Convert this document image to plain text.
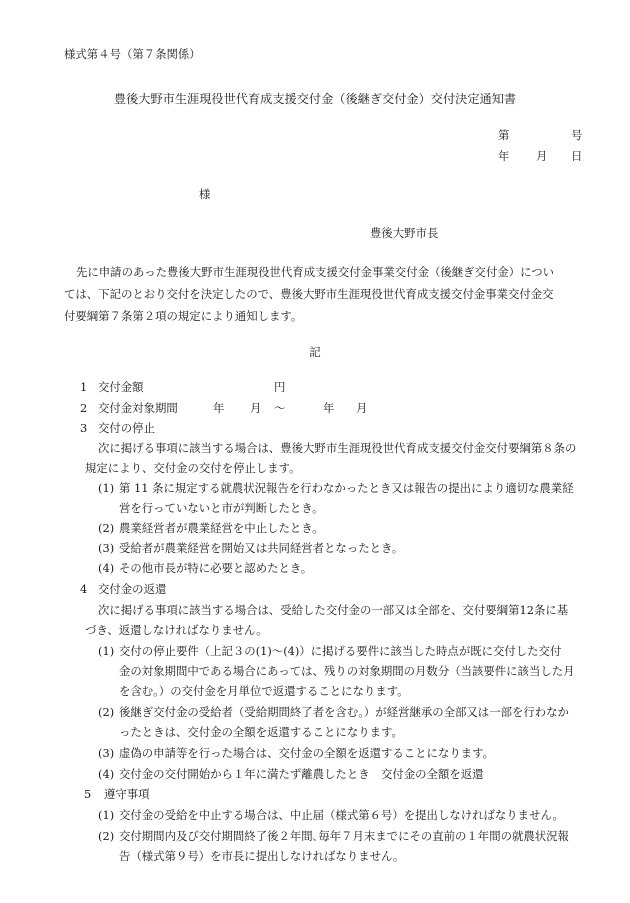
様式第４号（第７条関係）
豊後大野市生涯現役世代育成支援交付金（後継ぎ交付金）交付決定通知書
第	号
年 月 日
様
豊後大野市長
先に申請のあった豊後大野市生涯現役世代育成支援交付金事業交付金（後継ぎ交付金）につい
ては、下記のとおり交付を決定したので、豊後大野市生涯現役世代育成支援交付金事業交付金交
付要綱第７条第２項の規定により通知します。
記
1 交付金額	円
2 交付金対象期間	年 月 ～	年 月
3 交付の停止
次に掲げる事項に該当する場合は、豊後大野市生涯現役世代育成支援交付金交付要綱第８条の
規定により、交付金の交付を停止します。
(1) 第 11 条に規定する就農状況報告を行わなかったとき又は報告の提出により適切な農業経
営を行っていないと市が判断したとき。
(2) 農業経営者が農業経営を中止したとき。
(3) 受給者が農業経営を開始又は共同経営者となったとき。
(4) その他市長が特に必要と認めたとき。
4 交付金の返還
次に掲げる事項に該当する場合は、受給した交付金の一部又は全部を、交付要綱第12条に基
づき、返還しなければなりません。
(1) 交付の停止要件（上記３の(1)～(4)）に掲げる要件に該当した時点が既に交付した交付
金の対象期間中である場合にあっては、残りの対象期間の月数分（当該要件に該当した月
を含む。）の交付金を月単位で返還することになります。
(2) 後継ぎ交付金の受給者（受給期間終了者を含む。）が経営継承の全部又は一部を行わなか
ったときは、交付金の全額を返還することになります。
(3) 虚偽の申請等を行った場合は、交付金の全額を返還することになります。
(4) 交付金の交付開始から１年に満たず離農したとき　交付金の全額を返還
5 遵守事項
(1) 交付金の受給を中止する場合は、中止届（様式第６号）を提出しなければなりません。
(2) 交付期間内及び交付期間終了後２年間､毎年７月末までにその直前の１年間の就農状況報
告（様式第９号）を市長に提出しなければなりません。
